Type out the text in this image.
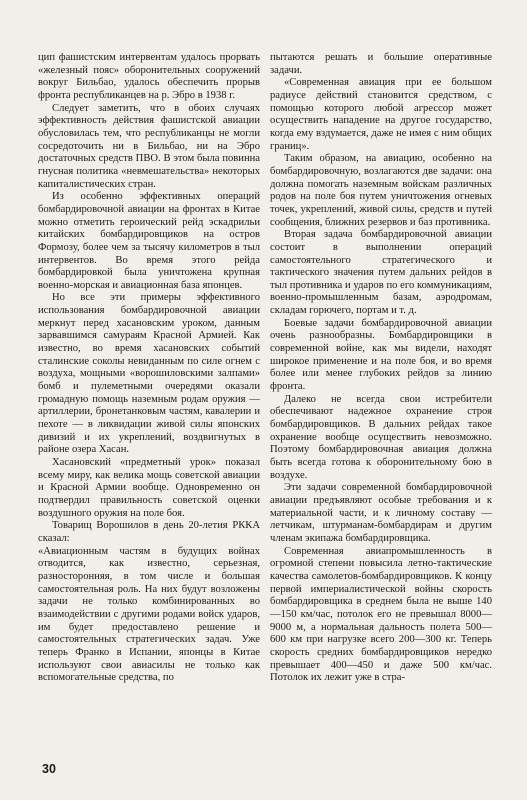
цип фашистским интервентам удалось прорвать «железный пояс» оборонительных сооружений вокруг Бильбао, удалось обеспечить прорыв фронта республиканцев на р. Эбро в 1938 г.

Следует заметить, что в обоих случаях эффективность действия фашистской авиации обусловилась тем, что республиканцы не могли сосредоточить ни в Бильбао, ни на Эбро достаточных средств ПВО. В этом была повинна гнусная политика «невмешательства» некоторых капиталистических стран.

Из особенно эффективных операций бомбардировочной авиации на фронтах в Китае можно отметить героический рейд эскадрильи китайских бомбардировщиков на остров Формозу, более чем за тысячу километров в тыл интервентов. Во время этого рейда бомбардировкой была уничтожена крупная военно-морская и авиационная база японцев.

Но все эти примеры эффективного использования бомбардировочной авиации меркнут перед хасановским уроком, данным зарвавшимся самураям Красной Армией. Как известно, во время хасановских событий сталинские соколы невиданным по силе огнем с воздуха, мощными «ворошиловскими залпами» бомб и пулеметными очередями оказали громадную помощь наземным родам оружия — артиллерии, бронетанковым частям, кавалерии и пехоте — в ликвидации живой силы японских дивизий и их укреплений, воздвигнутых в районе озера Хасан.

Хасановский «предметный урок» показал всему миру, как велика мощь советской авиации и Красной Армии вообще. Одновременно он подтвердил правильность советской оценки воздушного оружия на поле боя.

Товарищ Ворошилов в день 20-летия РККА сказал:

«Авиационным частям в будущих войнах отводится, как известно, серьезная, разносторонняя, в том числе и большая самостоятельная роль. На них будут возложены задачи не только комбинированных во взаимодействии с другими родами войск ударов, им будет предоставлено решение и самостоятельных стратегических задач. Уже теперь Франко в Испании, японцы в Китае используют свои авиасилы не только как вспомогательные средства, по

пытаются решать и большие оперативные задачи.

«Современная авиация при ее большом радиусе действий становится средством, с помощью которого любой агрессор может осуществить нападение на другое государство, когда ему вздумается, даже не имея с ним общих границ».

Таким образом, на авиацию, особенно на бомбардировочную, возлагаются две задачи: она должна помогать наземным войскам различных родов на поле боя путем уничтожения огневых точек, укреплений, живой силы, средств и путей сообщения, ближних резервов и баз противника.

Вторая задача бомбардировочной авиации состоит в выполнении операций самостоятельного стратегического и тактического значения путем дальних рейдов в тыл противника и ударов по его коммуникациям, военно-промышленным базам, аэродромам, складам горючего, портам и т. д.

Боевые задачи бомбардировочной авиации очень разнообразны. Бомбардировщики в современной войне, как мы видели, находят широкое применение и на поле боя, и во время более или менее глубоких рейдов за линию фронта.

Далеко не всегда свои истребители обеспечивают надежное охранение строя бомбардировщиков. В дальних рейдах такое охранение вообще осуществить невозможно. Поэтому бомбардировочная авиация должна быть всегда готова к оборонительному бою в воздухе.

Эти задачи современной бомбардировочной авиации предъявляют особые требования и к материальной части, и к личному составу — летчикам, штурманам-бомбардирам и другим членам экипажа бомбардировщика.

Современная авиапромышленность в огромной степени повысила летно-тактические качества самолетов-бомбардировщиков. К концу первой империалистической войны скорость бомбардировщика в среднем была не выше 140—150 км/час, потолок его не превышал 8000—9000 м, а нормальная дальность полета 500—600 км при нагрузке всего 200—300 кг. Теперь скорость средних бомбардировщиков нередко превышает 400—450 и даже 500 км/час. Потолок их лежит уже в стра-

30
